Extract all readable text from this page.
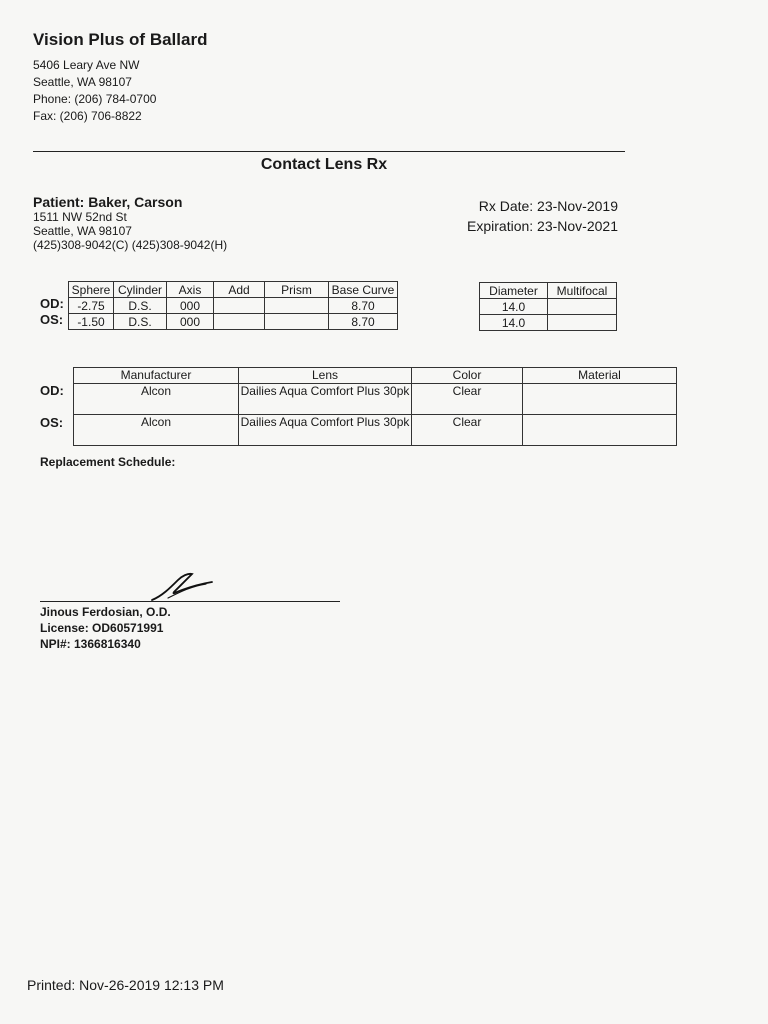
Vision Plus of Ballard
5406 Leary Ave NW
Seattle, WA 98107
Phone: (206) 784-0700
Fax: (206) 706-8822
Contact Lens Rx
Patient: Baker, Carson
1511 NW 52nd St
Seattle, WA 98107
(425)308-9042(C) (425)308-9042(H)
Rx Date: 23-Nov-2019
Expiration: 23-Nov-2021
OD:
OS:
Sphere	Cylinder	Axis	Add	Prism	Base Curve
-2.75	D.S.	000			8.70
-1.50	D.S.	000			8.70
Diameter	Multifocal
14.0	
14.0	
OD:
OS:
Manufacturer	Lens	Color	Material
Alcon	Dailies Aqua Comfort Plus 30pk	Clear	
Alcon	Dailies Aqua Comfort Plus 30pk	Clear	
Replacement Schedule:
Jinous Ferdosian, O.D.
License: OD60571991
NPI#: 1366816340
Printed: Nov-26-2019 12:13 PM
